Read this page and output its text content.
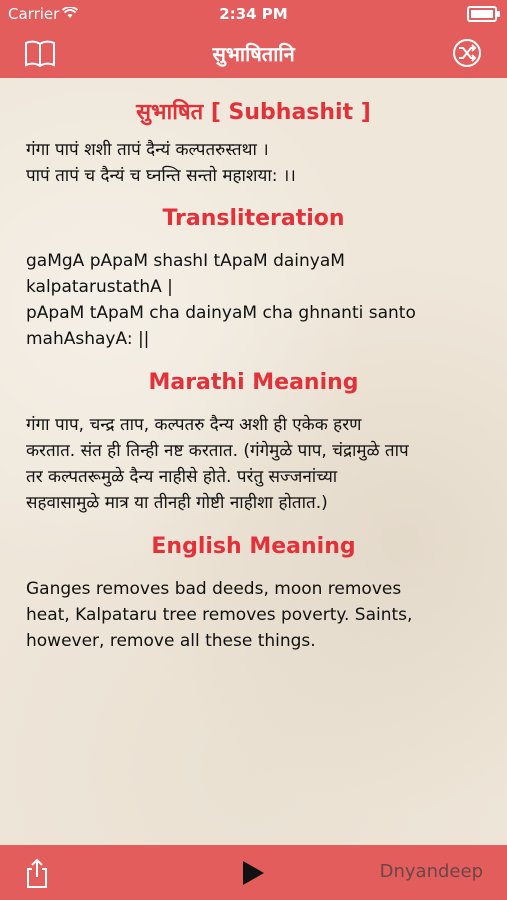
Carrier	2:34 PM
सुभाषितानि
सुभाषित [ Subhashit ]

गंगा पापं शशी तापं दैन्यं कल्पतरुस्तथा ।
पापं तापं च दैन्यं च घ्नन्ति सन्तो महाशया: ।।

Transliteration

gaMgA pApaM shashI tApaM dainyaM
kalpatarustathA |
pApaM tApaM cha dainyaM cha ghnanti santo
mahAshayA: ||

Marathi Meaning

गंगा पाप, चन्द्र ताप, कल्पतरु दैन्य अशी ही एकेक हरण
करतात. संत ही तिन्ही नष्ट करतात. (गंगेमुळे पाप, चंद्रामुळे ताप
तर कल्पतरूमुळे दैन्य नाहीसे होते. परंतु सज्जनांच्या
सहवासामुळे मात्र या तीनही गोष्टी नाहीशा होतात.)

English Meaning

Ganges removes bad deeds, moon removes
heat, Kalpataru tree removes poverty. Saints,
however, remove all these things.

Dnyandeep
